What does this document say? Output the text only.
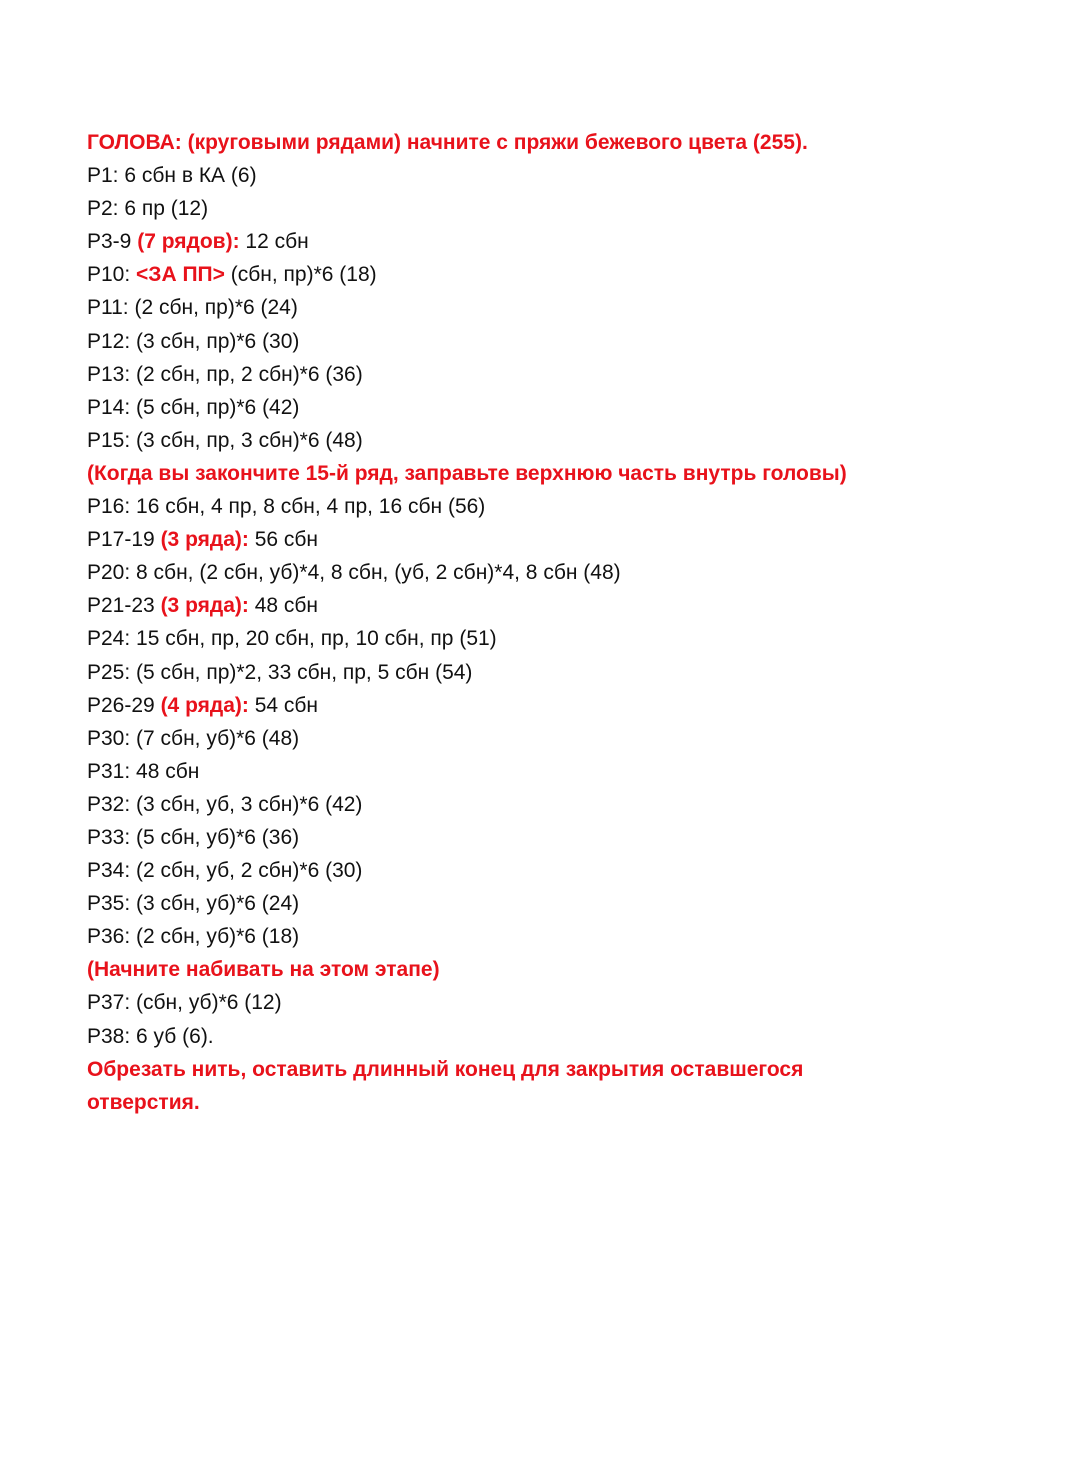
ГОЛОВА: (круговыми рядами) начните с пряжи бежевого цвета (255).
Р1: 6 сбн в КА (6)
Р2: 6 пр (12)
Р3-9 (7 рядов): 12 сбн
Р10: <ЗА ПП> (сбн, пр)*6 (18)
Р11: (2 сбн, пр)*6 (24)
Р12: (3 сбн, пр)*6 (30)
Р13: (2 сбн, пр, 2 сбн)*6 (36)
Р14: (5 сбн, пр)*6 (42)
Р15: (3 сбн, пр, 3 сбн)*6 (48)
(Когда вы закончите 15-й ряд, заправьте верхнюю часть внутрь головы)
Р16: 16 сбн, 4 пр, 8 сбн, 4 пр, 16 сбн (56)
Р17-19 (3 ряда): 56 сбн
Р20: 8 сбн, (2 сбн, уб)*4, 8 сбн, (уб, 2 сбн)*4, 8 сбн (48)
Р21-23 (3 ряда): 48 сбн
Р24: 15 сбн, пр, 20 сбн, пр, 10 сбн, пр (51)
Р25: (5 сбн, пр)*2, 33 сбн, пр, 5 сбн (54)
Р26-29 (4 ряда): 54 сбн
Р30: (7 сбн, уб)*6 (48)
Р31: 48 сбн
Р32: (3 сбн, уб, 3 сбн)*6 (42)
Р33: (5 сбн, уб)*6 (36)
Р34: (2 сбн, уб, 2 сбн)*6 (30)
Р35: (3 сбн, уб)*6 (24)
Р36: (2 сбн, уб)*6 (18)
(Начните набивать на этом этапе)
Р37: (сбн, уб)*6 (12)
Р38: 6 уб (6).
Обрезать нить, оставить длинный конец для закрытия оставшегося
отверстия.
